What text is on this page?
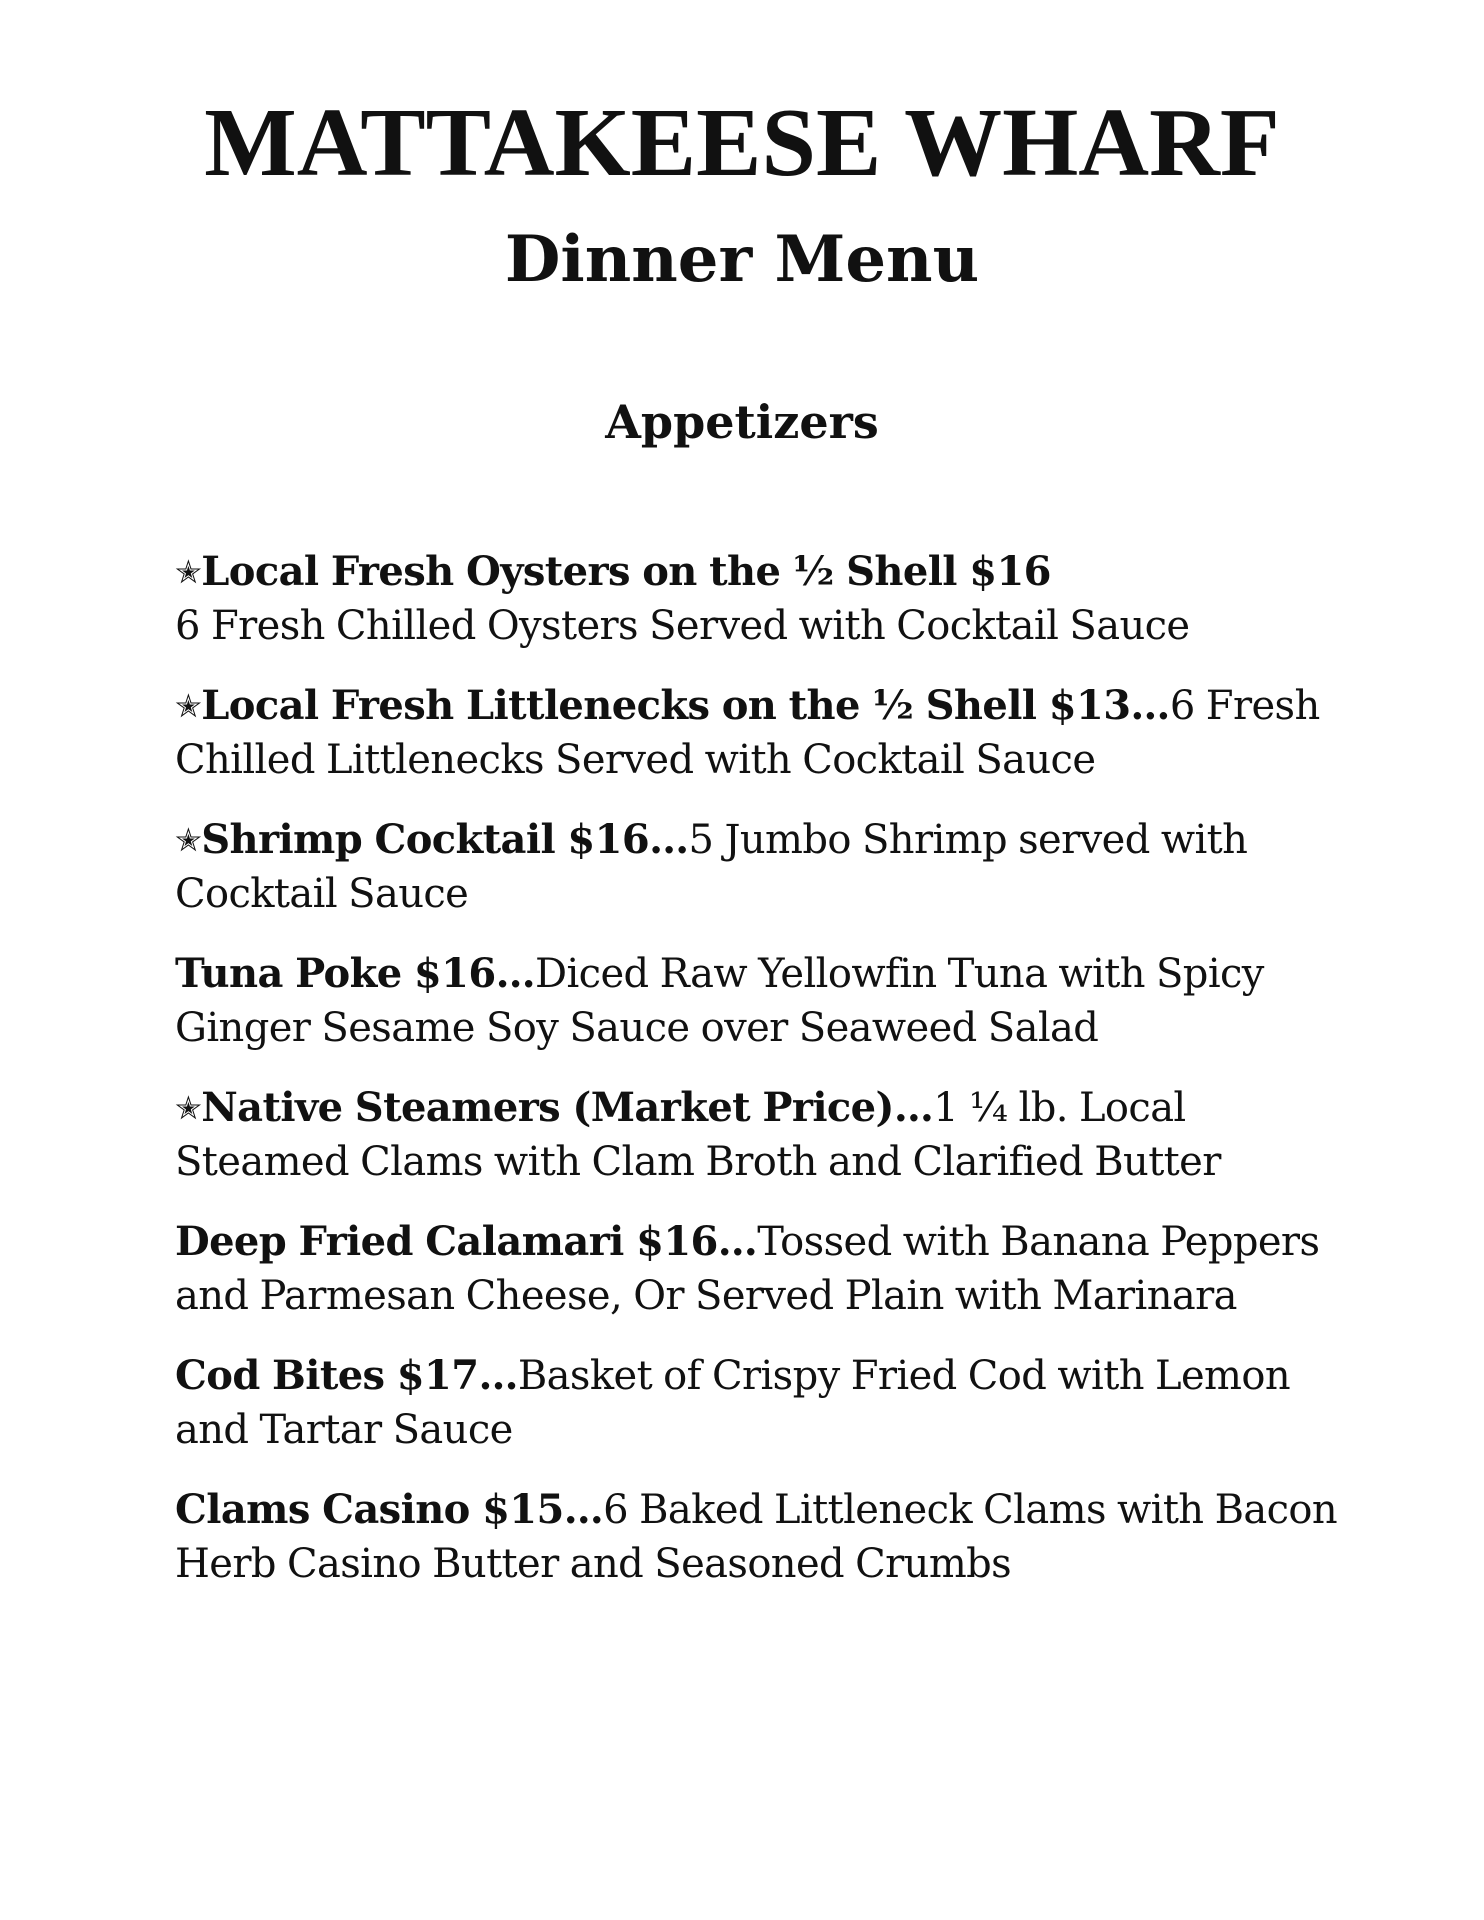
MATTAKEESE WHARF
Dinner Menu
Appetizers
✭Local Fresh Oysters on the ½ Shell $16
6 Fresh Chilled Oysters Served with Cocktail Sauce
✭Local Fresh Littlenecks on the ½ Shell $13…6 Fresh Chilled Littlenecks Served with Cocktail Sauce
✭Shrimp Cocktail $16…5 Jumbo Shrimp served with Cocktail Sauce
Tuna Poke $16…Diced Raw Yellowfin Tuna with Spicy Ginger Sesame Soy Sauce over Seaweed Salad
✭Native Steamers (Market Price)…1 ¼ lb. Local Steamed Clams with Clam Broth and Clarified Butter
Deep Fried Calamari $16…Tossed with Banana Peppers and Parmesan Cheese, Or Served Plain with Marinara
Cod Bites $17…Basket of Crispy Fried Cod with Lemon and Tartar Sauce
Clams Casino $15…6 Baked Littleneck Clams with Bacon Herb Casino Butter and Seasoned Crumbs
